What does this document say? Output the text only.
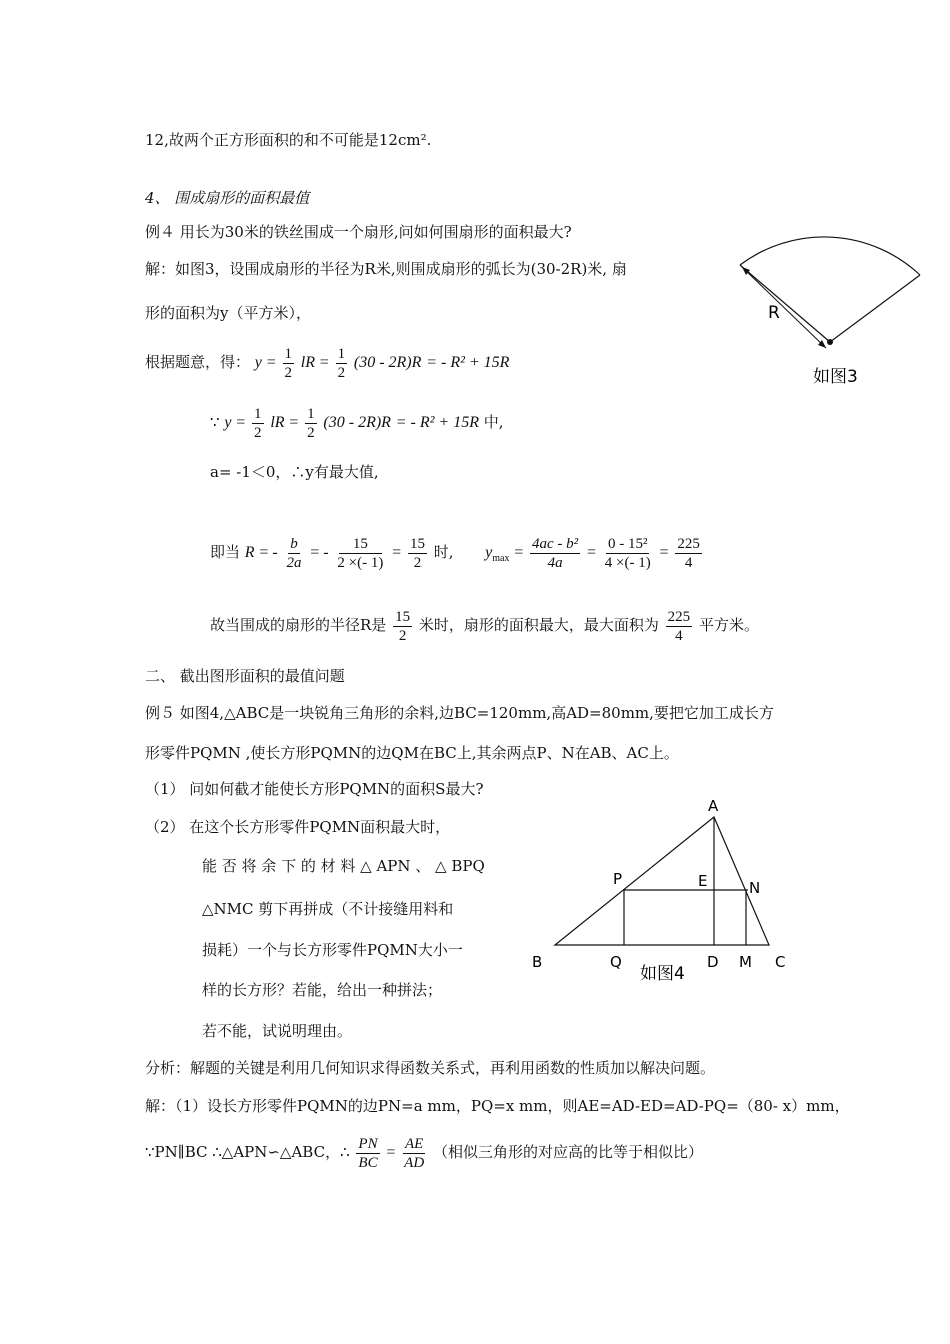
12,故两个正方形面积的和不可能是12cm².
4、 围成扇形的面积最值
例４ 用长为30米的铁丝围成一个扇形,问如何围扇形的面积最大?
解：如图3，设围成扇形的半径为R米,则围成扇形的弧长为(30-2R)米, 扇
形的面积为y（平方米），
根据题意，得： $y = \frac{1}{2}$ lR = $\frac{1}{2} (30 - 2R)R$ = - R² + 15R
∵ $y = \frac{1}{2}$ lR = $\frac{1}{2} (30 - 2R)R$ = - R² + 15R 中,
a= -1＜0，∴y有最大值,
即当 R = - $\frac{b}{2a}$ = - $\frac{15}{2 \times(- 1)} = \frac{15}{2}$ 时, $y_{max} = \frac{\text{4ac - b²}}{4a} = \frac{\text{0 - 15²}}{4 \times(- 1)} = \frac{225}{4}$
故当围成的扇形的半径R是 $\frac{15}{2}$ 米时，扇形的面积最大，最大面积为 $\frac{225}{4}$ 平方米。
R
如图3
二、 截出图形面积的最值问题
例５ 如图4,△ABC是一块锐角三角形的余料,边BC=120mm,高AD=80mm,要把它加工成长方
形零件PQMN ,使长方形PQMN的边QM在BC上,其余两点P、N在AB、AC上。
（1） 问如何截才能使长方形PQMN的面积S最大?
（2） 在这个长方形零件PQMN面积最大时，
能 否 将 余 下 的 材 料 △ APN 、 △ BPQ
△NMC 剪下再拼成（不计接缝用料和
损耗）一个与长方形零件PQMN大小一
样的长方形？若能，给出一种拼法；
若不能，试说明理由。
分析：解题的关键是利用几何知识求得函数关系式，再利用函数的性质加以解决问题。
解：（1）设长方形零件PQMN的边PN=a mm，PQ=x mm，则AE=AD-ED=AD-PQ=（80- x）mm，
∵PN∥BC ∴△APN∽△ABC，∴ $\frac{PN}{BC} = \frac{AE}{AD}$ （相似三角形的对应高的比等于相似比）
A
B	C
D
E
M
N
P
Q
如图4
